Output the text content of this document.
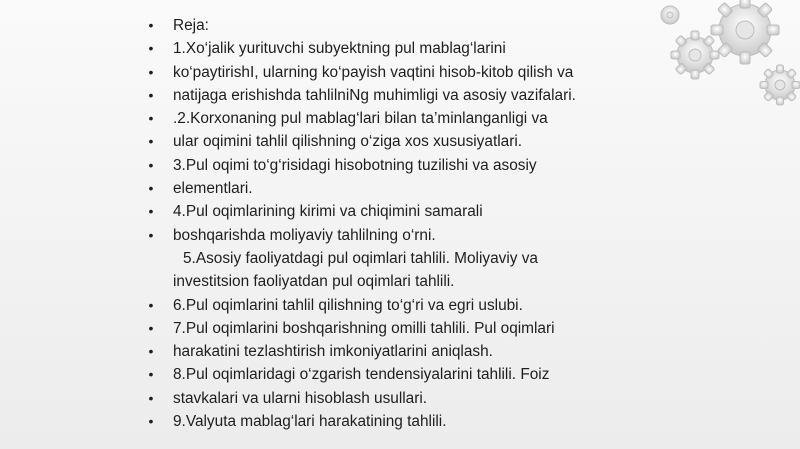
• Reja:
• 1.Xo‘jalik yurituvchi subyektning pul mablag‘larini
• ko‘paytirishI, ularning ko‘payish vaqtini hisob-kitob qilish va
• natijaga erishishda tahlilniNg muhimligi va asosiy vazifalari.
• .2.Korxonaning pul mablag‘lari bilan ta’minlanganligi va
• ular oqimini tahlil qilishning o‘ziga xos xususiyatlari.
• 3.Pul oqimi to‘g‘risidagi hisobotning tuzilishi va asosiy
• elementlari.
• 4.Pul oqimlarining kirimi va chiqimini samarali
• boshqarishda moliyaviy tahlilning o‘rni.
5.Asosiy faoliyatdagi pul oqimlari tahlili. Moliyaviy va
investitsion faoliyatdan pul oqimlari tahlili.
• 6.Pul oqimlarini tahlil qilishning to‘g‘ri va egri uslubi.
• 7.Pul oqimlarini boshqarishning omilli tahlili. Pul oqimlari
• harakatini tezlashtirish imkoniyatlarini aniqlash.
• 8.Pul oqimlaridagi o‘zgarish tendensiyalarini tahlili. Foiz
• stavkalari va ularni hisoblash usullari.
• 9.Valyuta mablag‘lari harakatining tahlili.
